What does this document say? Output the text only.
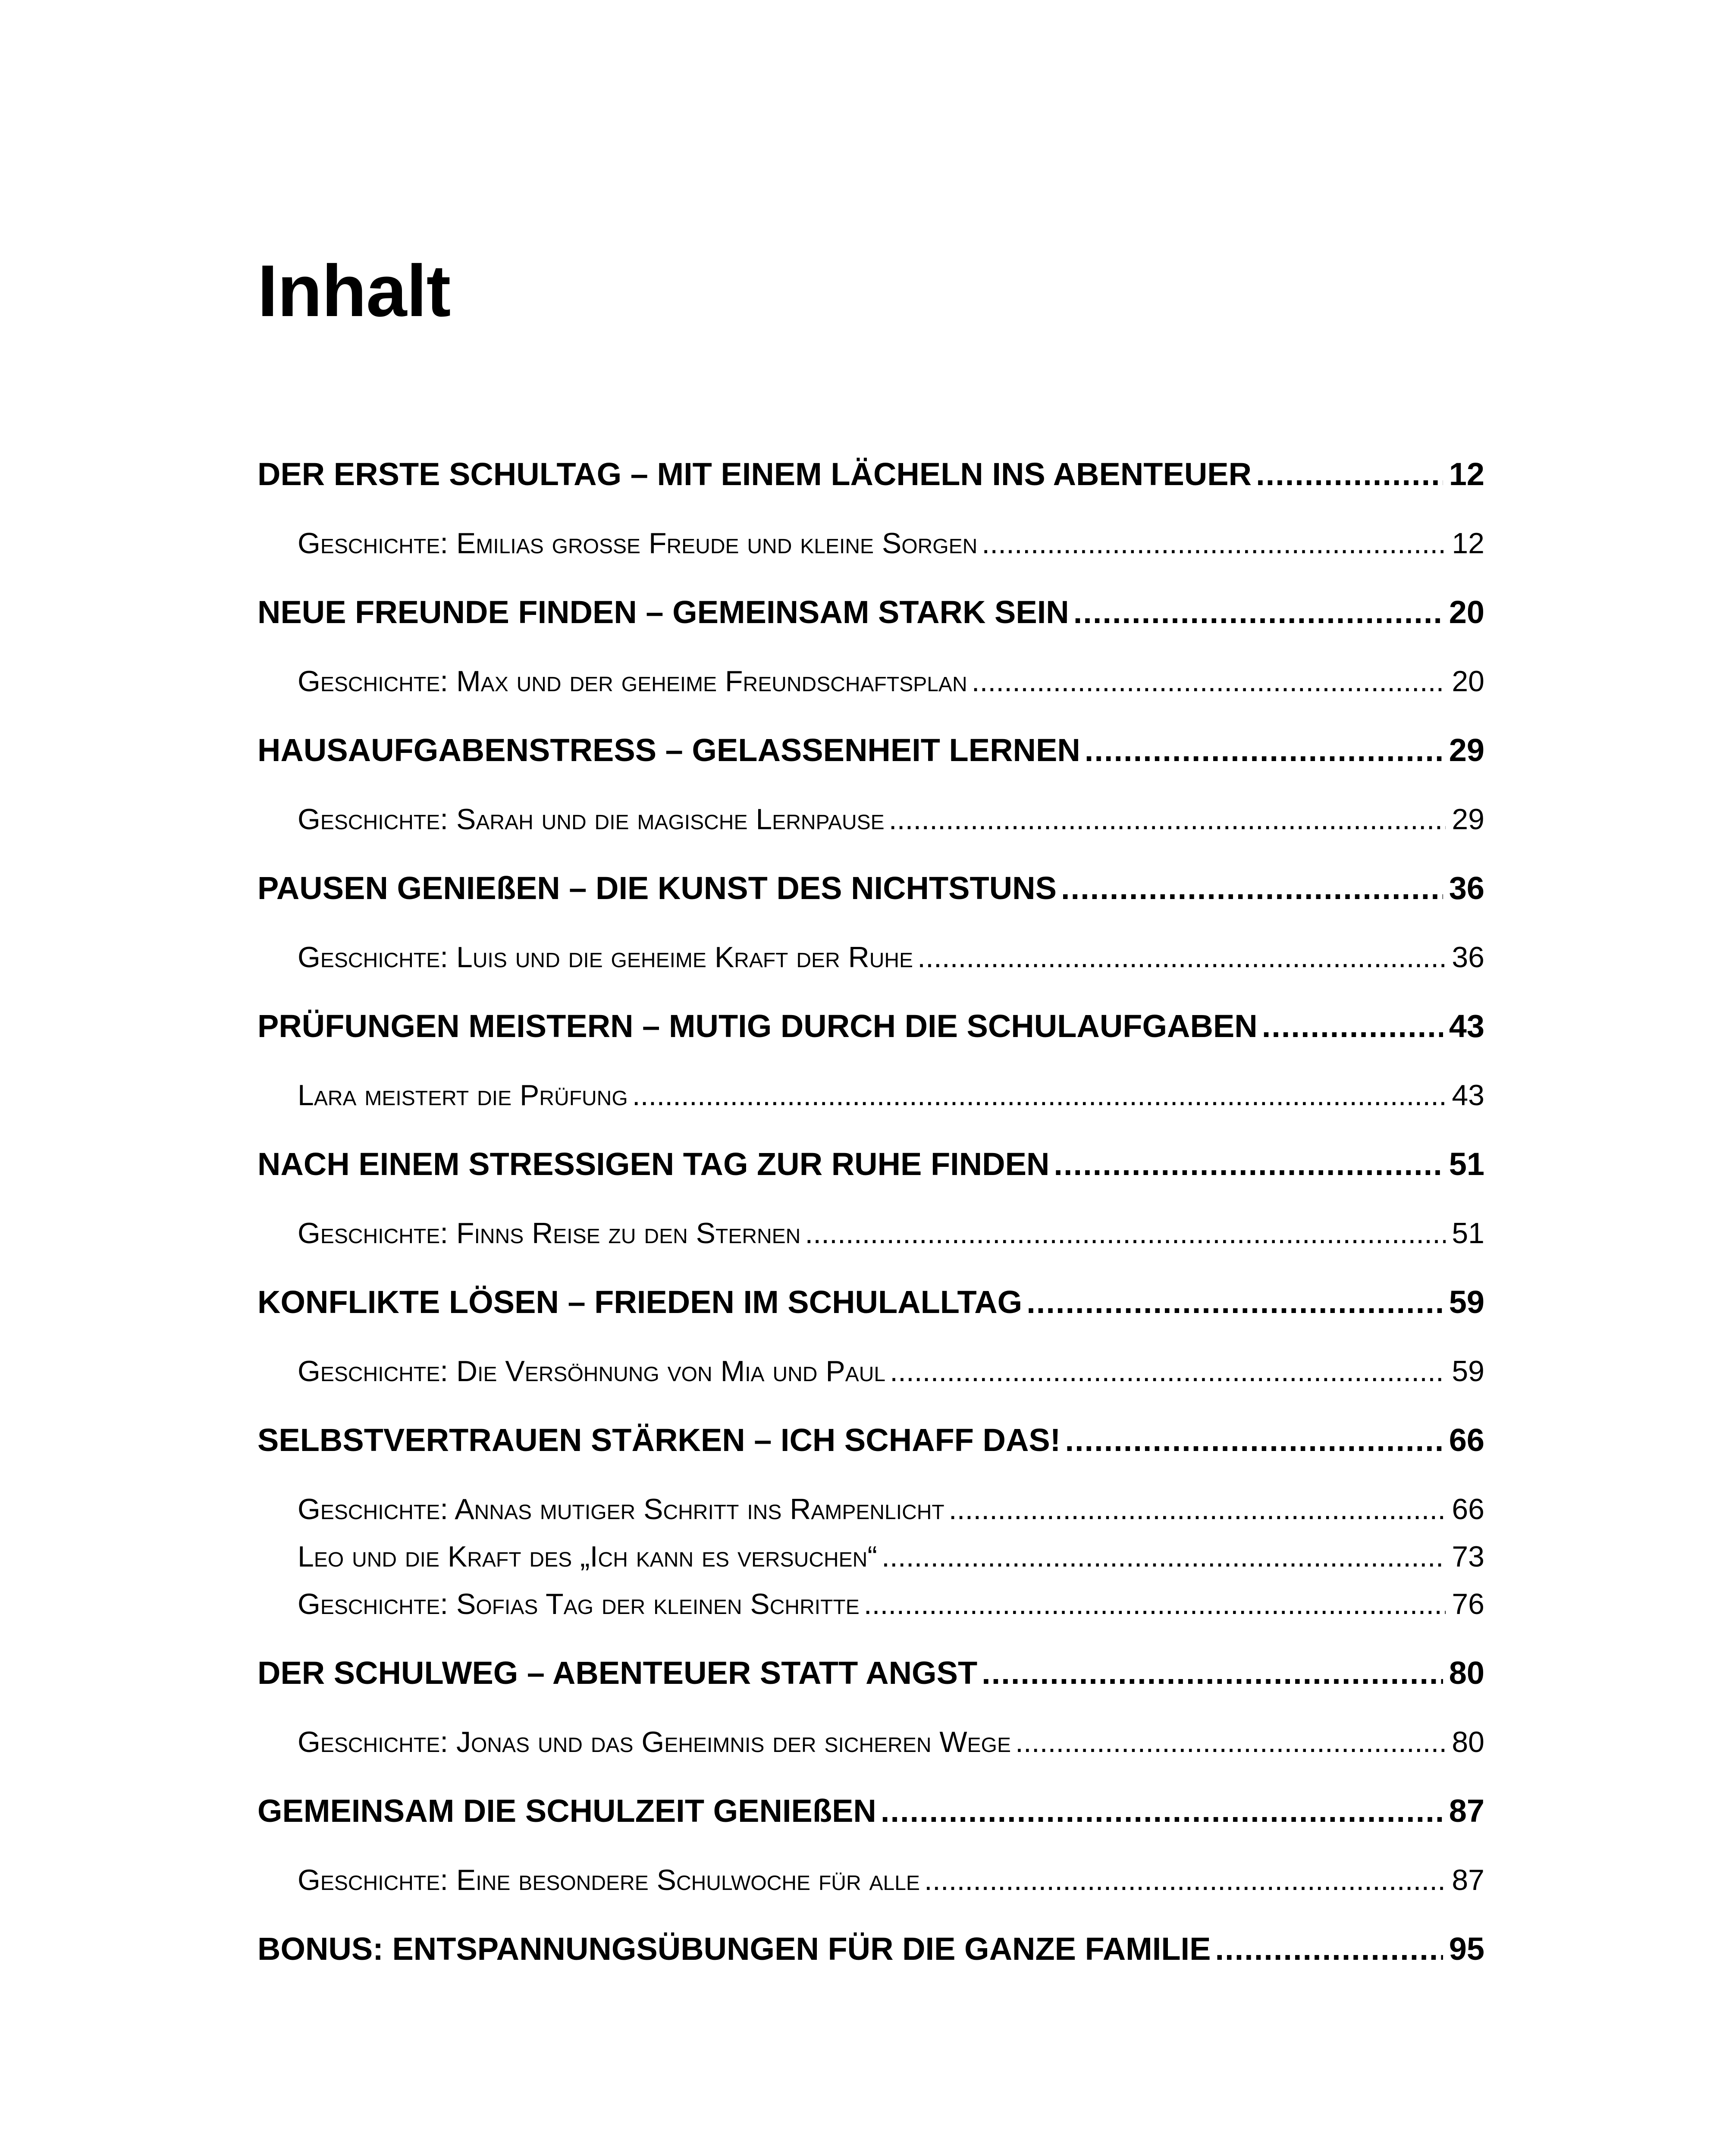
Inhalt
DER ERSTE SCHULTAG – MIT EINEM LÄCHELN INS ABENTEUER .....	12
Geschichte: Emilias große Freude und kleine Sorgen .....	12
NEUE FREUNDE FINDEN – GEMEINSAM STARK SEIN .....	20
Geschichte: Max und der geheime Freundschaftsplan .....	20
HAUSAUFGABENSTRESS – GELASSENHEIT LERNEN .....	29
Geschichte: Sarah und die magische Lernpause .....	29
PAUSEN GENIEßEN – DIE KUNST DES NICHTSTUNS .....	36
Geschichte: Luis und die geheime Kraft der Ruhe .....	36
PRÜFUNGEN MEISTERN – MUTIG DURCH DIE SCHULAUFGABEN .....	43
Lara meistert die Prüfung .....	43
NACH EINEM STRESSIGEN TAG ZUR RUHE FINDEN .....	51
Geschichte: Finns Reise zu den Sternen .....	51
KONFLIKTE LÖSEN – FRIEDEN IM SCHULALLTAG .....	59
Geschichte: Die Versöhnung von Mia und Paul .....	59
SELBSTVERTRAUEN STÄRKEN – ICH SCHAFF DAS! .....	66
Geschichte: Annas mutiger Schritt ins Rampenlicht .....	66
Leo und die Kraft des „Ich kann es versuchen“ .....	73
Geschichte: Sofias Tag der kleinen Schritte .....	76
DER SCHULWEG – ABENTEUER STATT ANGST .....	80
Geschichte: Jonas und das Geheimnis der sicheren Wege .....	80
GEMEINSAM DIE SCHULZEIT GENIEßEN .....	87
Geschichte: Eine besondere Schulwoche für alle .....	87
BONUS: ENTSPANNUNGSÜBUNGEN FÜR DIE GANZE FAMILIE .....	95
